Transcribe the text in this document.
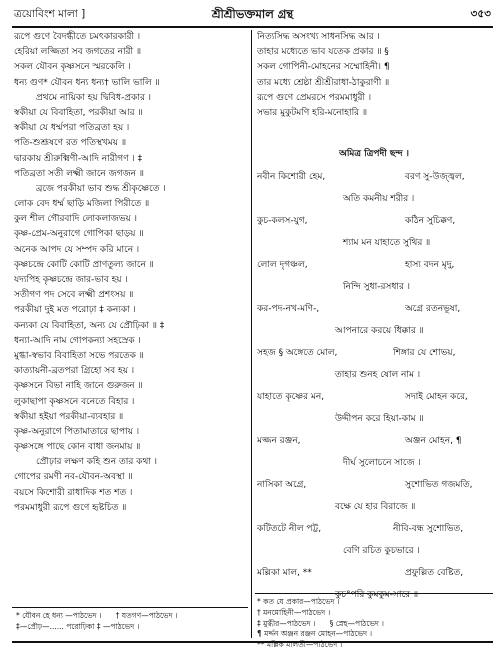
ত্রয়োবিংশ মালা ]	শ্রীশ্রীভক্তমাল গ্রন্থ	৩৫৩
রূপে গুণে বৈদগ্ধীতে চমৎকারকারী ।
হেরিয়া লজ্জিতা সব জগতের নারী ॥
সকল যৌবন কৃষ্ণসনে স্মরকেলি ।
ধন্য গুণ* যৌবন ধন্য ধন্য† ভালি ভালি ॥
প্রথমে নায়িকা হয় দ্বিবিধ-প্রকার ।
স্বকীয়া যে বিবাহিতা, পরকীয়া আর ॥
স্বকীয়া যে ধর্ম্মপরা পতিব্রতা হয় ।
পতি-শুশ্রূষণে রত পতিস্থখময় ॥
দ্বারকায় শ্রীরুক্মিণী-আদি নারীগণ । ‡
পতিব্রতা সতী লক্ষ্মী জানে জগজন ॥
ব্রজে পরকীয়া ভাব শুদ্ধ শ্রীকৃষ্ণেতে ।
লোক বেদ ধর্ম্ম ছাড়ি মজিলা পিরীতে ॥
কুল শীল গৌরবাদি লোকলাজভয় ।
কৃষ্ণ-প্রেম-অনুরাগে গোপিকা ছাড়য় ॥
অনেক আপদ যে সম্পদ করি মানে ।
কৃষ্ণচন্দ্রে কোটি কোটি প্রাণতুল্য জানে ॥
যদ্যপিহ কৃষ্ণচন্দ্রে জার-ভাব হয় ।
সতীগণ পদ সেবে লক্ষ্মী প্রশংসয় ॥
পরকীয়া দুই মত পরোঢ়া ‡ কন্যকা ।
কন্যকা যে বিবাহিতা, অন্য যে প্রৌঢ়িকা ॥ ‡
ধন্যা-আদি নাম গোপকন্যা সহস্রেক ।
মুগ্ধা-স্বভাব বিবাহিতা সভে পরতেক ॥
কাত্যায়নী-ব্রতপরা গ্রিহো সব হয় ।
কৃষ্ণসনে বিভা নাহি জানে গুরুজন ॥
লুকাছাপা কৃষ্ণসনে বনেতে বিহার ।
স্বকীয়া হইয়া পরকীয়া-ব্যবহার ॥
কৃষ্ণ-অনুরাগে পিতামাতারে ছাপায় ।
কৃষ্ণসঙ্গে পাছে কোন বাধা জনমায় ॥
প্রৌঢ়ার লক্ষণ কহি শুন তার কথা ।
গোপের রমণী নব-যৌবন-অবস্থা ॥
বয়সে কিশোরী রাধাদিক শত শত ।
পরমমাধুরী রূপে গুণে হৃষ্টচিত ॥
নিত্যসিদ্ধ অসংখ্য সাধনসিদ্ধ আর ।
তাহার মধ্যেতে ভাব যতেক প্রকার ॥ §
সকল গোপিনী-মোহনের সম্মোহিনী। ¶
তার মধ্যে শ্রেষ্ঠা শ্রীশ্রীরাধা-ঠাকুরাণী ॥
রূপে গুণে প্রেমরসে পরমমাধুরী ।
সভার মুকুটমণি হরি-মনোহারি ॥
অমিত্র ত্রিপদী ছন্দ ।
নবীন কিশোরী হেম,	বরণ সু-উজ্জ্বল,
অতি কমনীয় শরীর ।
কুচ-কলস-যুগ,	কঠিন সুচিক্কণ,
শ্যাম মন যাহাতে সুথির ॥
লোল দৃগঞ্চল,	হাস্য বদন মৃদু,
নিন্দি সুধা-রসধার ।
কর-পদ-নখ-মণি-,	অগ্রে রতনভূষা,
আপনারে করয়ে ধিক্কার ॥
সহজ § অঙ্গেতে মোল,	শিঙ্গার যে শোভয়,
তাহার শুনহ ষোল নাম ।
যাহাতে কৃষ্ণের মন,	সদাই মোহন করে,
উদ্দীপন করে হিয়া-কাম ॥
মজ্জন রঞ্জন,	অঞ্জন মোহন, ¶
দীর্ঘ সুলোচনে সাজে ।
নাসিকা অগ্রে,	সুশোভিত গজমতি,
বক্ষে যে হার বিরাজে ॥
কটিতটে নীল পট্ট,	নীবি-বন্ধ সুশোভিত,
বেণি রচিত কুচভারে ।
মল্লিকা মাল, **	প্রফুল্লিত বেষ্টিত,
কুচ°পরি কুমকুম-সারে ॥
* যৌবন হে ধন্য —পাঠভেদ । † যতগণ—পাঠভেদ ।
‡—প্রৌঢ়—...... পরোঢ়িকা ‡ —পাঠভেদ ।
* কত যে প্রকার—পাঠভেদ ।
† মনমোহিনী—পাঠভেদ ।
‡ মুগ্ধীর—পাঠভেদ । § স্নেহ—পাঠভেদ ।
¶ মর্দ্দন অঞ্জন রঞ্জন মোহন—পাঠভেদ ।
** মল্লিক মালতী—পাঠভেদ ।
